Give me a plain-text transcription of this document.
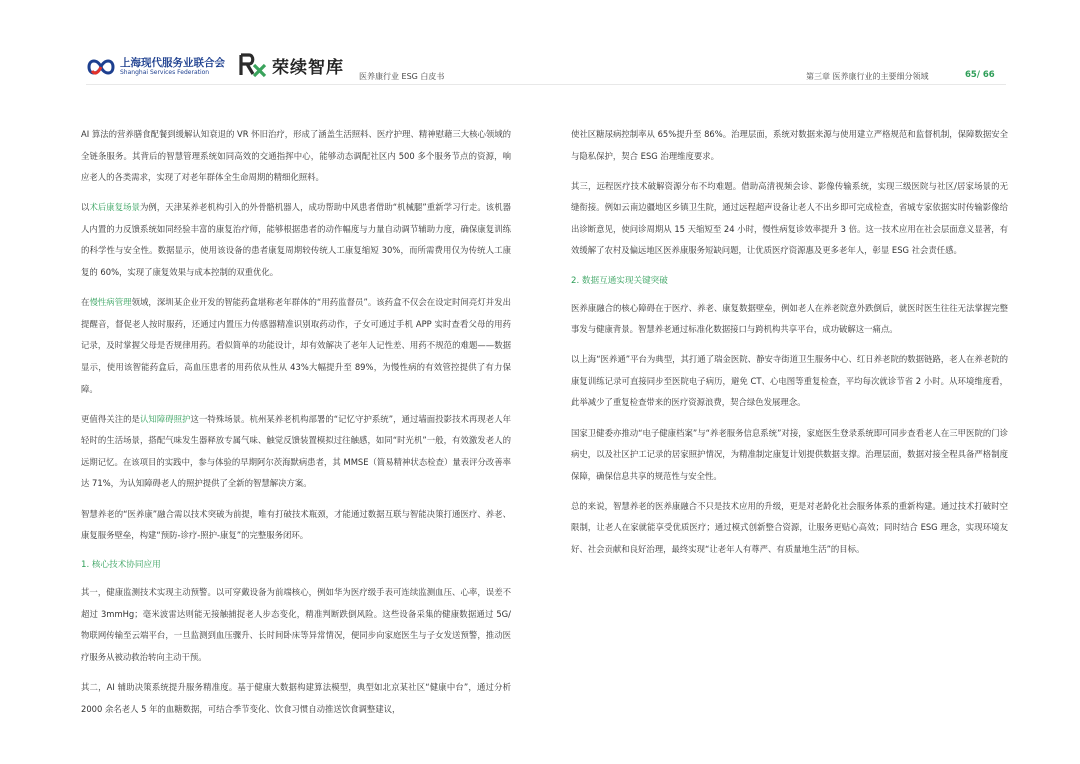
上海现代服务业联合会
Shanghai Services Federation	荣续智库 医养康行业 ESG 白皮书	第三章 医养康行业的主要细分领域	65/ 66

AI 算法的营养膳食配餐到缓解认知衰退的 VR 怀旧治疗，形成了涵盖生活照料、医疗护理、精神慰藉三大核心领域的全链条服务。其背后的智慧管理系统如同高效的交通指挥中心，能够动态调配社区内 500 多个服务节点的资源，响应老人的各类需求，实现了对老年群体全生命周期的精细化照料。

以术后康复场景为例，天津某养老机构引入的外骨骼机器人，成功帮助中风患者借助“机械腿”重新学习行走。该机器人内置的力反馈系统如同经验丰富的康复治疗师，能够根据患者的动作幅度与力量自动调节辅助力度，确保康复训练的科学性与安全性。数据显示，使用该设备的患者康复周期较传统人工康复缩短 30%，而所需费用仅为传统人工康复的 60%，实现了康复效果与成本控制的双重优化。

在慢性病管理领域，深圳某企业开发的智能药盒堪称老年群体的“用药监督员”。该药盒不仅会在设定时间亮灯并发出提醒音，督促老人按时服药，还通过内置压力传感器精准识别取药动作，子女可通过手机 APP 实时查看父母的用药记录，及时掌握父母是否规律用药。看似简单的功能设计，却有效解决了老年人记性差、用药不规范的难题——数据显示，使用该智能药盒后，高血压患者的用药依从性从 43%大幅提升至 89%，为慢性病的有效管控提供了有力保障。

更值得关注的是认知障碍照护这一特殊场景。杭州某养老机构部署的“记忆守护系统”，通过墙面投影技术再现老人年轻时的生活场景，搭配气味发生器释放专属气味、触觉反馈装置模拟过往触感，如同“时光机”一般，有效激发老人的远期记忆。在该项目的实践中，参与体验的早期阿尔茨海默病患者，其 MMSE（简易精神状态检查）量表评分改善率达 71%，为认知障碍老人的照护提供了全新的智慧解决方案。

智慧养老的“医养康”融合需以技术突破为前提，唯有打破技术瓶颈，才能通过数据互联与智能决策打通医疗、养老、康复服务壁垒，构建“预防-诊疗-照护-康复”的完整服务闭环。

1. 核心技术协同应用

其一，健康监测技术实现主动预警。以可穿戴设备为前端核心，例如华为医疗级手表可连续监测血压、心率，误差不超过 3mmHg；毫米波雷达则能无接触捕捉老人步态变化，精准判断跌倒风险。这些设备采集的健康数据通过 5G/物联网传输至云端平台，一旦监测到血压骤升、长时间卧床等异常情况，便同步向家庭医生与子女发送预警，推动医疗服务从被动救治转向主动干预。

其二，AI 辅助决策系统提升服务精准度。基于健康大数据构建算法模型，典型如北京某社区“健康中台”，通过分析 2000 余名老人 5 年的血糖数据，可结合季节变化、饮食习惯自动推送饮食调整建议，

使社区糖尿病控制率从 65%提升至 86%。治理层面，系统对数据来源与使用建立严格规范和监督机制，保障数据安全与隐私保护，契合 ESG 治理维度要求。

其三，远程医疗技术破解资源分布不均难题。借助高清视频会诊、影像传输系统，实现三级医院与社区/居家场景的无缝衔接。例如云南边疆地区乡镇卫生院，通过远程超声设备让老人不出乡即可完成检查，省城专家依据实时传输影像给出诊断意见，使问诊周期从 15 天缩短至 24 小时，慢性病复诊效率提升 3 倍。这一技术应用在社会层面意义显著，有效缓解了农村及偏远地区医养康服务短缺问题，让优质医疗资源惠及更多老年人，彰显 ESG 社会责任感。

2. 数据互通实现关键突破

医养康融合的核心障碍在于医疗、养老、康复数据壁垒，例如老人在养老院意外跌倒后，就医时医生往往无法掌握完整事发与健康背景。智慧养老通过标准化数据接口与跨机构共享平台，成功破解这一痛点。

以上海“医养通”平台为典型，其打通了瑞金医院、静安寺街道卫生服务中心、红日养老院的数据链路，老人在养老院的康复训练记录可直接同步至医院电子病历，避免 CT、心电图等重复检查，平均每次就诊节省 2 小时。从环境维度看，此举减少了重复检查带来的医疗资源浪费，契合绿色发展理念。

国家卫健委亦推动“电子健康档案”与“养老服务信息系统”对接，家庭医生登录系统即可同步查看老人在三甲医院的门诊病史，以及社区护工记录的居家照护情况，为精准制定康复计划提供数据支撑。治理层面，数据对接全程具备严格制度保障，确保信息共享的规范性与安全性。

总的来说，智慧养老的医养康融合不只是技术应用的升级，更是对老龄化社会服务体系的重新构建。通过技术打破时空限制，让老人在家就能享受优质医疗；通过模式创新整合资源，让服务更贴心高效；同时结合 ESG 理念，实现环境友好、社会贡献和良好治理，最终实现“让老年人有尊严、有质量地生活”的目标。
